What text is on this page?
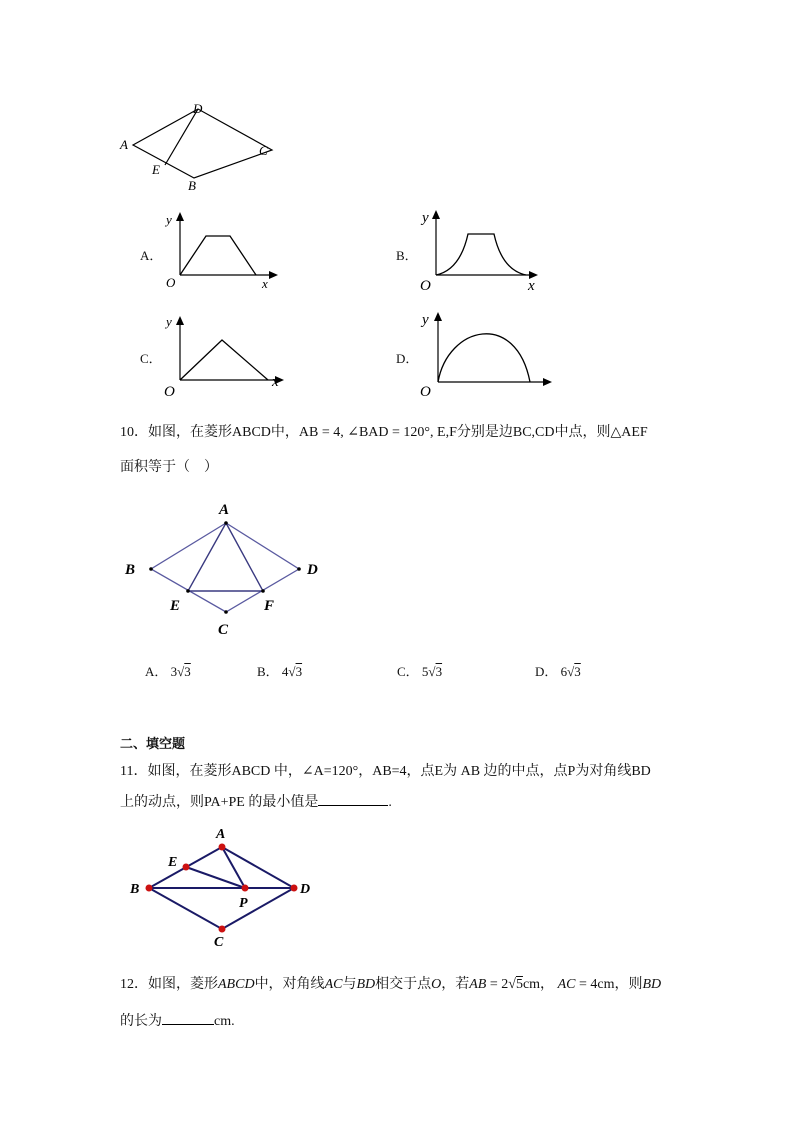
A
B
C
D
E
A．
y
O	x
B．
y
O	x
C．
y
O
x
D．
y
O
10．如图，在菱形ABCD中，AB = 4, ∠BAD = 120°, E,F分别是边BC,CD中点，则△AEF
面积等于（　）
A
B
C
D
E	F
A． 3√3	B． 4√3	C． 5√3	D． 6√3
二、填空题
11．如图，在菱形ABCD 中，∠A=120°，AB=4，点E为 AB 边的中点，点P为对角线BD
上的动点，则PA+PE 的最小值是	.
A
B
C
D
E
P
12．如图，菱形ABCD中，对角线AC与BD相交于点O，若AB = 2√5cm， AC = 4cm，则BD
的长为	cm.
